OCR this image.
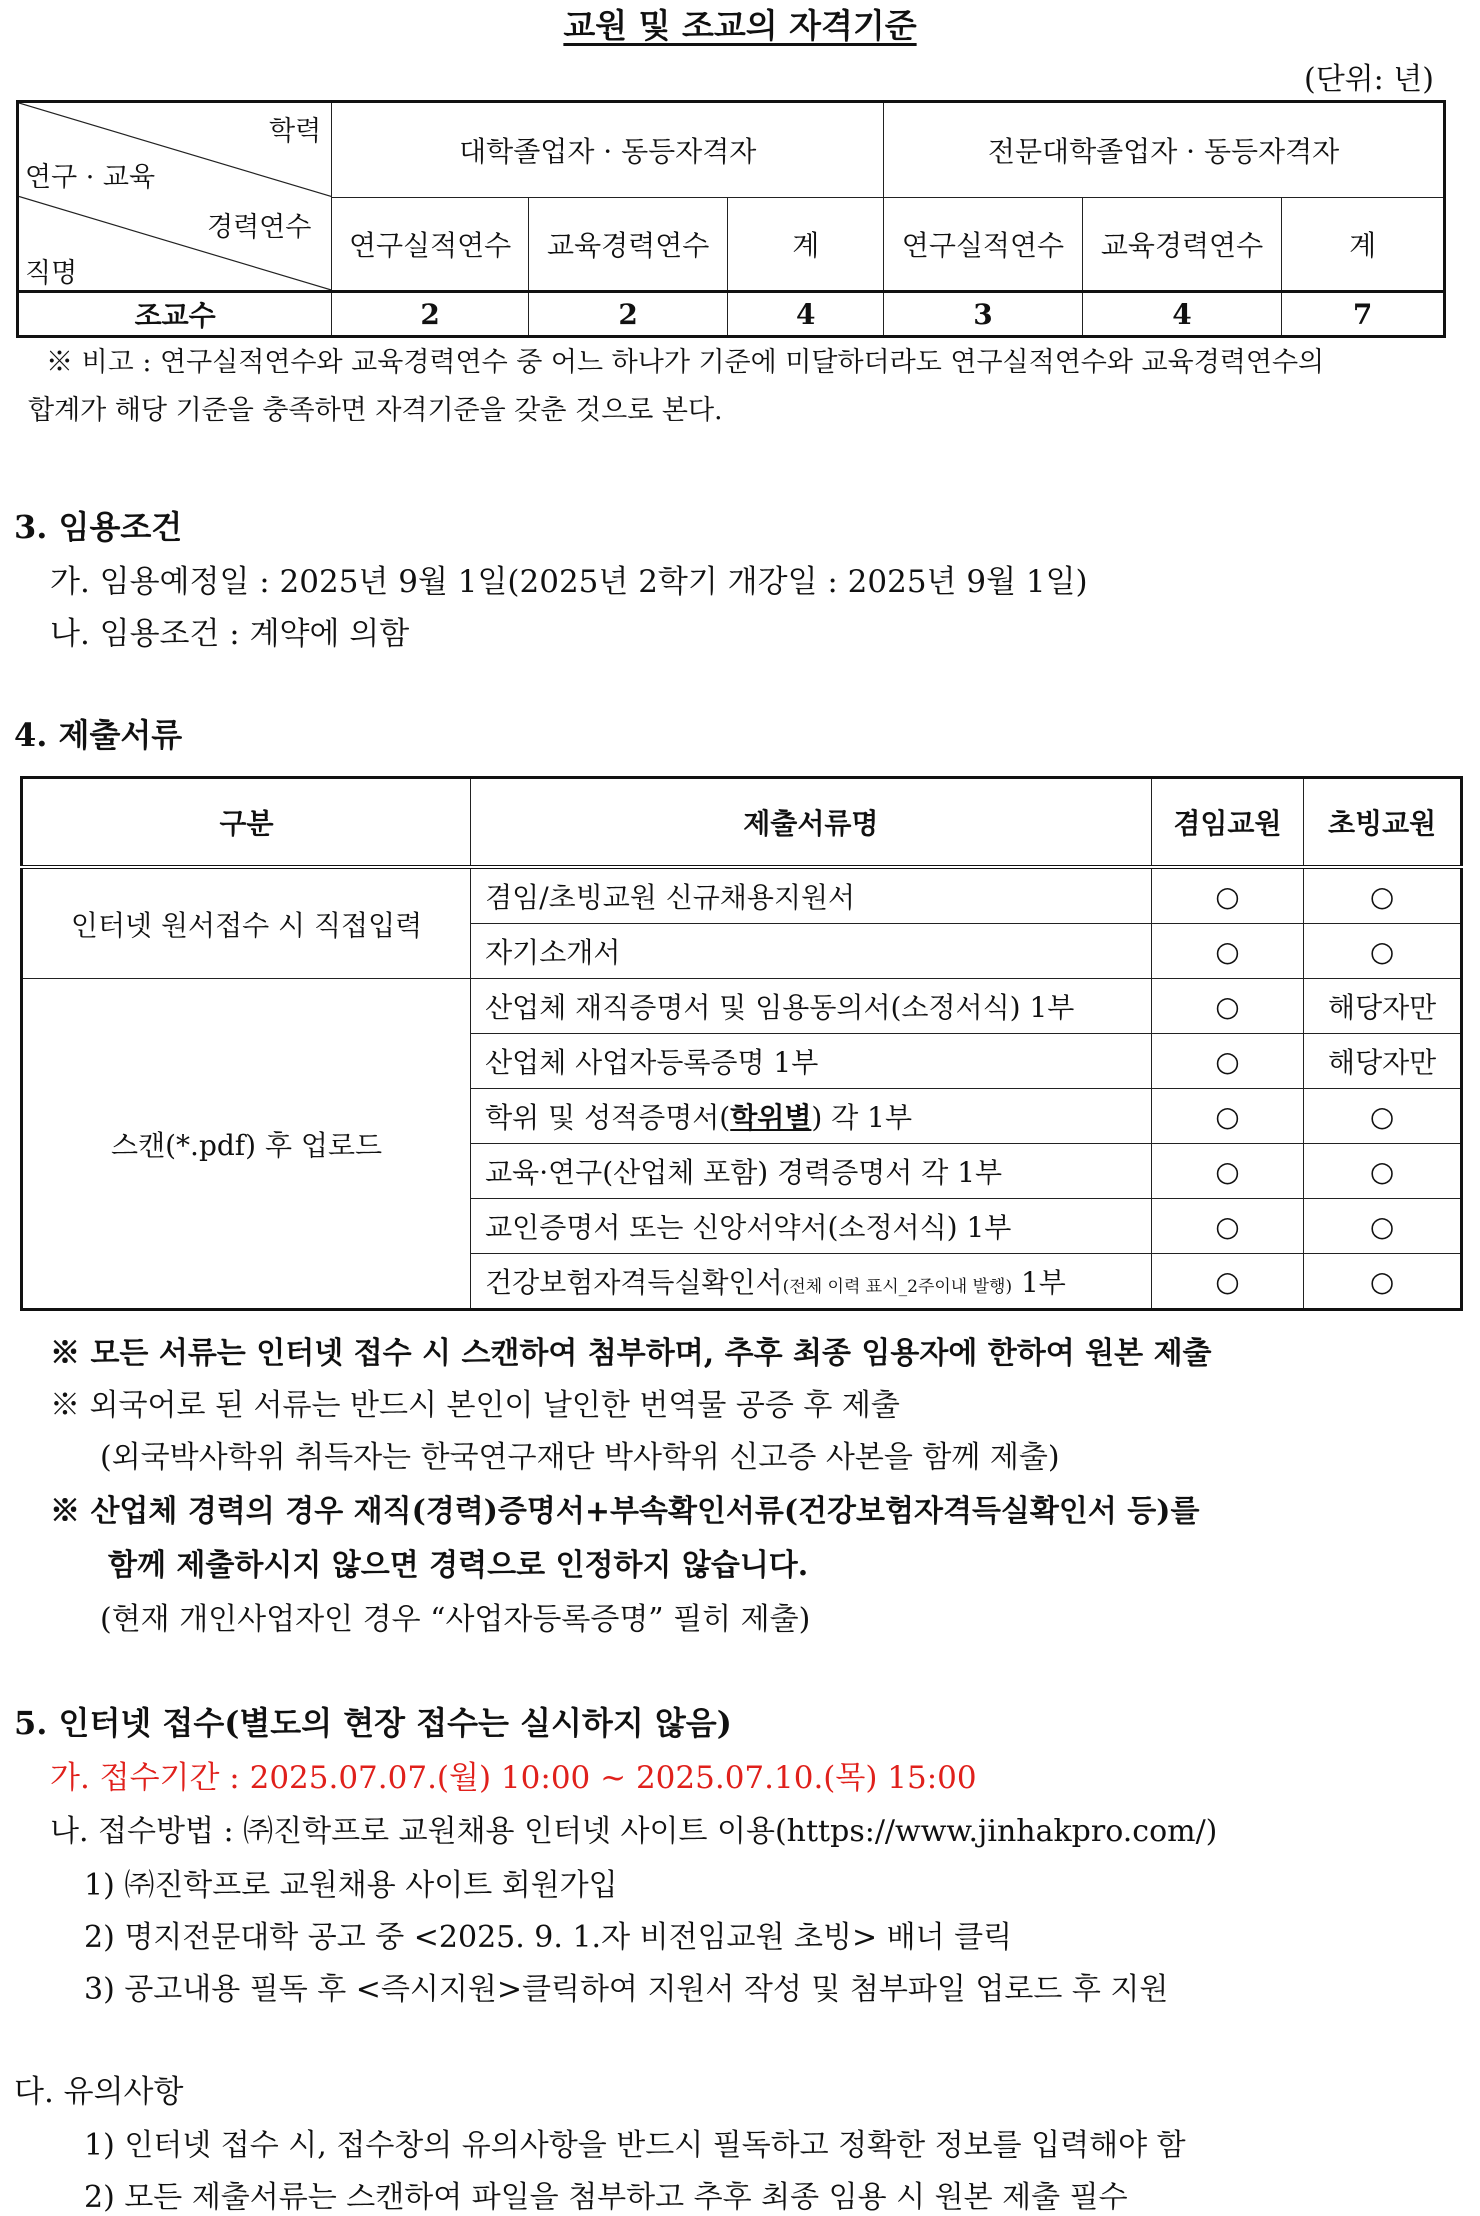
교원 및 조교의 자격기준
(단위: 년)
학력
연구 · 교육
경력연수
직명	대학졸업자 · 동등자격자			전문대학졸업자 · 동등자격자		
	연구실적연수	교육경력연수	계	연구실적연수	교육경력연수	계
조교수	2	2	4	3	4	7
※ 비고 : 연구실적연수와 교육경력연수 중 어느 하나가 기준에 미달하더라도 연구실적연수와 교육경력연수의
합계가 해당 기준을 충족하면 자격기준을 갖춘 것으로 본다.
3. 임용조건
가. 임용예정일 : 2025년 9월 1일(2025년 2학기 개강일 : 2025년 9월 1일)
나. 임용조건 : 계약에 의함
4. 제출서류
구분	제출서류명	겸임교원	초빙교원
인터넷 원서접수 시 직접입력	겸임/초빙교원 신규채용지원서	○	○
	자기소개서	○	○
스캔(*.pdf) 후 업로드	산업체 재직증명서 및 임용동의서(소정서식) 1부	○	해당자만
	산업체 사업자등록증명 1부	○	해당자만
	학위 및 성적증명서(학위별) 각 1부	○	○
	교육·연구(산업체 포함) 경력증명서 각 1부	○	○
	교인증명서 또는 신앙서약서(소정서식) 1부	○	○
	건강보험자격득실확인서(전체 이력 표시_2주이내 발행) 1부	○	○
※ 모든 서류는 인터넷 접수 시 스캔하여 첨부하며, 추후 최종 임용자에 한하여 원본 제출
※ 외국어로 된 서류는 반드시 본인이 날인한 번역물 공증 후 제출
(외국박사학위 취득자는 한국연구재단 박사학위 신고증 사본을 함께 제출)
※ 산업체 경력의 경우 재직(경력)증명서+부속확인서류(건강보험자격득실확인서 등)를
함께 제출하시지 않으면 경력으로 인정하지 않습니다.
(현재 개인사업자인 경우 “사업자등록증명” 필히 제출)
5. 인터넷 접수(별도의 현장 접수는 실시하지 않음)
가. 접수기간 : 2025.07.07.(월) 10:00 ~ 2025.07.10.(목) 15:00
나. 접수방법 : ㈜진학프로 교원채용 인터넷 사이트 이용(https://www.jinhakpro.com/)
1) ㈜진학프로 교원채용 사이트 회원가입
2) 명지전문대학 공고 중 <2025. 9. 1.자 비전임교원 초빙> 배너 클릭
3) 공고내용 필독 후 <즉시지원>클릭하여 지원서 작성 및 첨부파일 업로드 후 지원
다. 유의사항
1) 인터넷 접수 시, 접수창의 유의사항을 반드시 필독하고 정확한 정보를 입력해야 함
2) 모든 제출서류는 스캔하여 파일을 첨부하고 추후 최종 임용 시 원본 제출 필수
